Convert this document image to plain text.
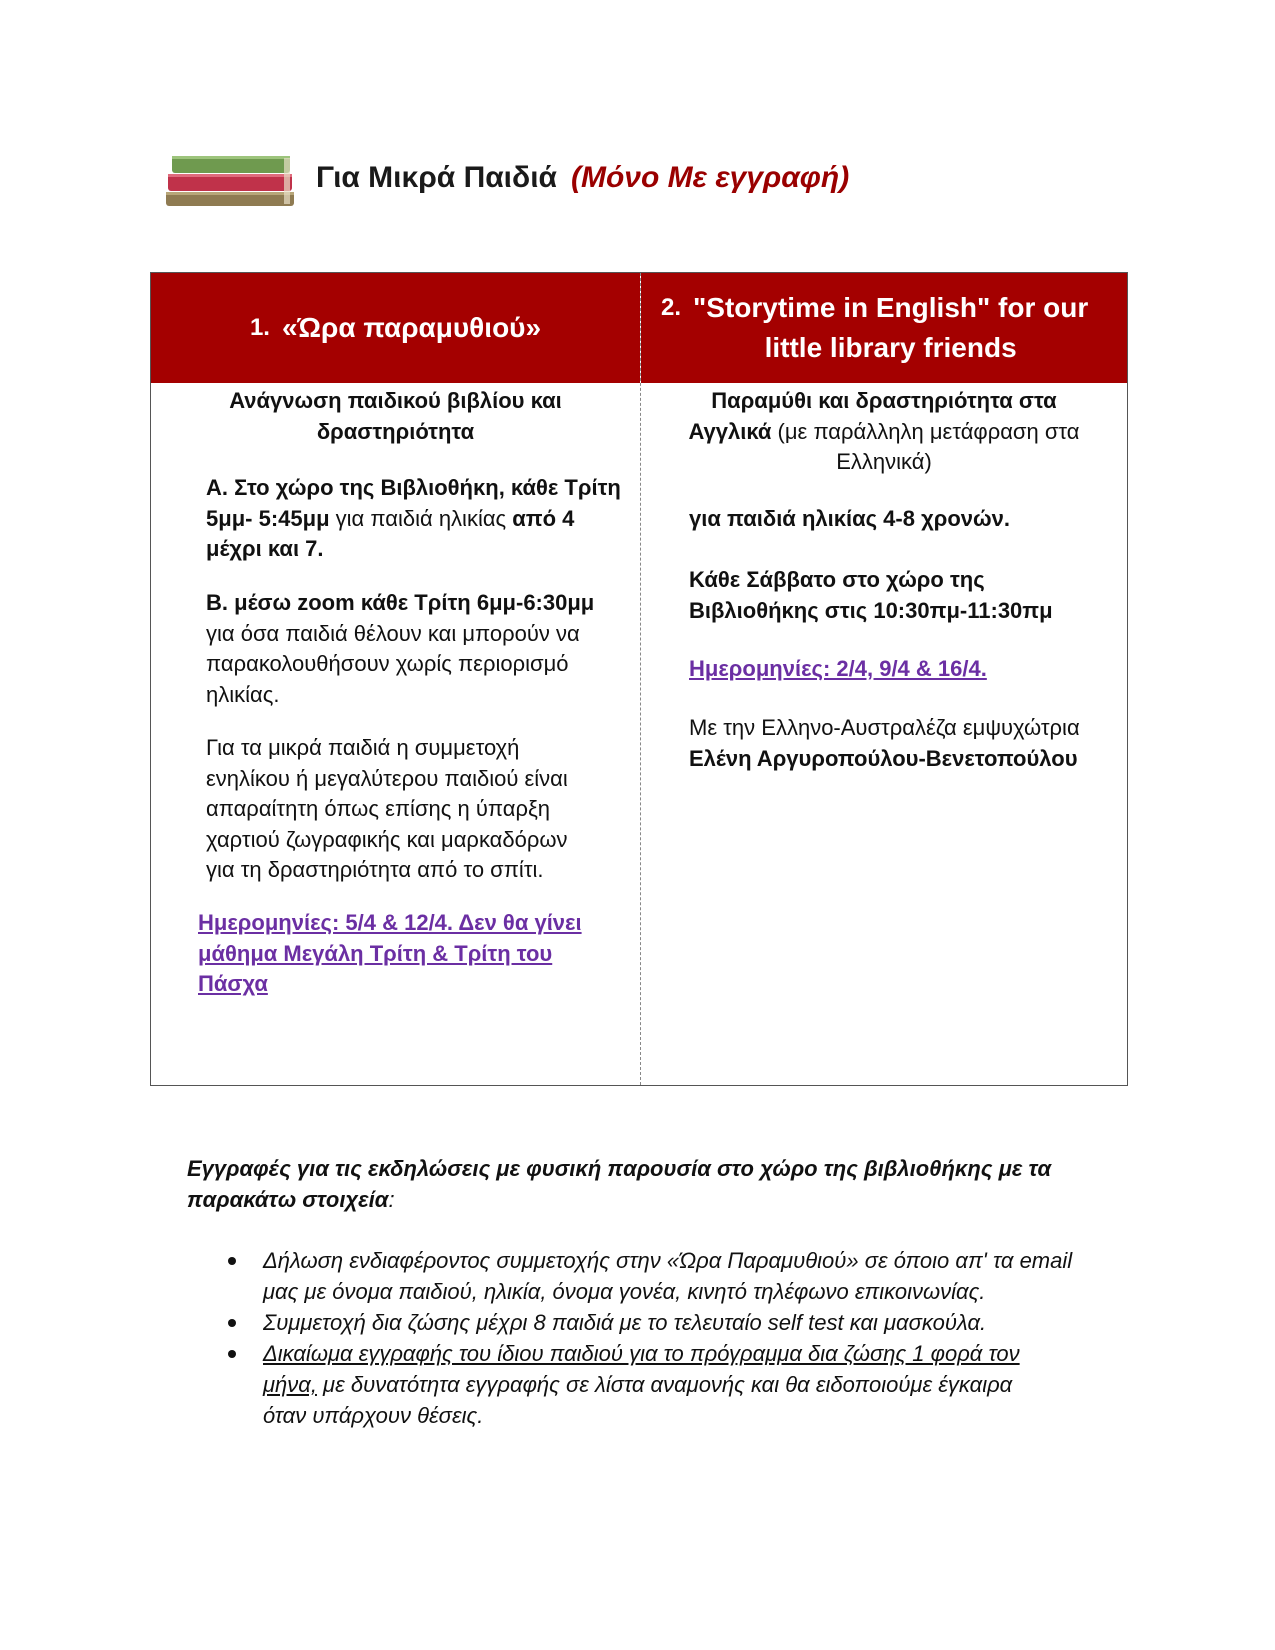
Για Μικρά Παιδιά (Μόνο Με εγγραφή)
1. «Ώρα παραμυθιού»
Ανάγνωση παιδικού βιβλίου και
δραστηριότητα
Α. Στο χώρο της Βιβλιοθήκη, κάθε Τρίτη
5μμ- 5:45μμ για παιδιά ηλικίας από 4
μέχρι και 7.
Β. μέσω zoom κάθε Τρίτη 6μμ-6:30μμ
για όσα παιδιά θέλουν και μπορούν να
παρακολουθήσουν χωρίς περιορισμό
ηλικίας.
Για τα μικρά παιδιά η συμμετοχή
ενηλίκου ή μεγαλύτερου παιδιού είναι
απαραίτητη όπως επίσης η ύπαρξη
χαρτιού ζωγραφικής και μαρκαδόρων
για τη δραστηριότητα από το σπίτι.
Ημερομηνίες: 5/4 & 12/4. Δεν θα γίνει
μάθημα Μεγάλη Τρίτη & Τρίτη του
Πάσχα
2. "Storytime in English" for our
little library friends
Παραμύθι και δραστηριότητα στα
Αγγλικά (με παράλληλη μετάφραση στα
Ελληνικά)
για παιδιά ηλικίας 4-8 χρονών.
Κάθε Σάββατο στο χώρο της
Βιβλιοθήκης στις 10:30πμ-11:30πμ
Ημερομηνίες: 2/4, 9/4 & 16/4.
Με την Ελληνο-Αυστραλέζα εμψυχώτρια
Ελένη Αργυροπούλου-Βενετοπούλου
Εγγραφές για τις εκδηλώσεις με φυσική παρουσία στο χώρο της βιβλιοθήκης με τα
παρακάτω στοιχεία:
Δήλωση ενδιαφέροντος συμμετοχής στην «Ώρα Παραμυθιού» σε όποιο απ' τα email
μας με όνομα παιδιού, ηλικία, όνομα γονέα, κινητό τηλέφωνο επικοινωνίας.
Συμμετοχή δια ζώσης μέχρι 8 παιδιά με το τελευταίο self test και μασκούλα.
Δικαίωμα εγγραφής του ίδιου παιδιού για το πρόγραμμα δια ζώσης 1 φορά τον
μήνα, με δυνατότητα εγγραφής σε λίστα αναμονής και θα ειδοποιούμε έγκαιρα
όταν υπάρχουν θέσεις.
